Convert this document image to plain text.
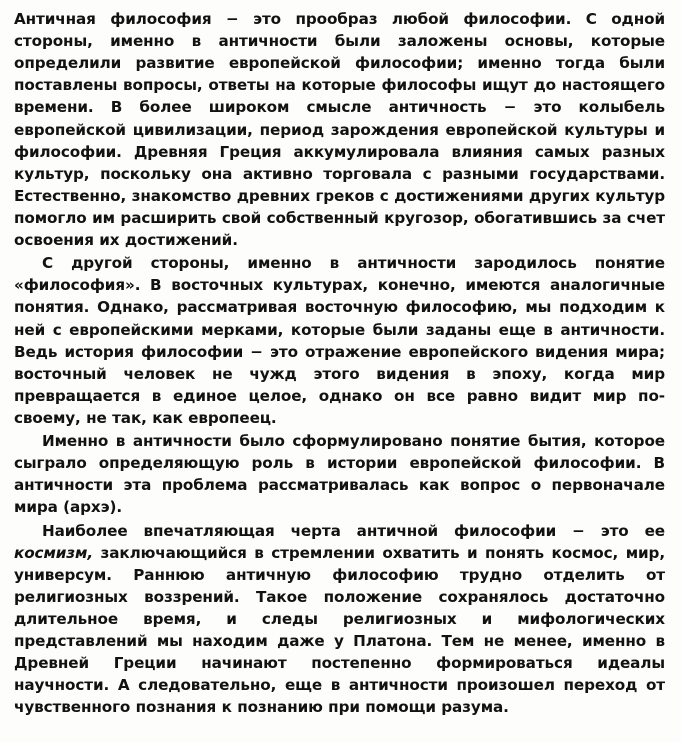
Античная философия − это прообраз любой философии. С одной стороны, именно в античности были заложены основы, которые определили развитие европейской философии; именно тогда были поставлены вопросы, ответы на которые философы ищут до настоящего времени. В более широком смысле античность − это колыбель европейской цивилизации, период зарождения европейской культуры и философии. Древняя Греция аккумулировала влияния самых разных культур, поскольку она активно торговала с разными государствами. Естественно, знакомство древних греков с достижениями других культур помогло им расширить свой собственный кругозор, обогатившись за счет освоения их достижений.

С другой стороны, именно в античности зародилось понятие «философия». В восточных культурах, конечно, имеются аналогичные понятия. Однако, рассматривая восточную философию, мы подходим к ней с европейскими мерками, которые были заданы еще в античности. Ведь история философии − это отражение европейского видения мира; восточный человек не чужд этого видения в эпоху, когда мир превращается в единое целое, однако он все равно видит мир по-своему, не так, как европеец.

Именно в античности было сформулировано понятие бытия, которое сыграло определяющую роль в истории европейской философии. В античности эта проблема рассматривалась как вопрос о первоначале мира (архэ).

Наиболее впечатляющая черта античной философии − это ее космизм, заключающийся в стремлении охватить и понять космос, мир, универсум. Раннюю античную философию трудно отделить от религиозных воззрений. Такое положение сохранялось достаточно длительное время, и следы религиозных и мифологических представлений мы находим даже у Платона. Тем не менее, именно в Древней Греции начинают постепенно формироваться идеалы научности. А следовательно, еще в античности произошел переход от чувственного познания к познанию при помощи разума.
